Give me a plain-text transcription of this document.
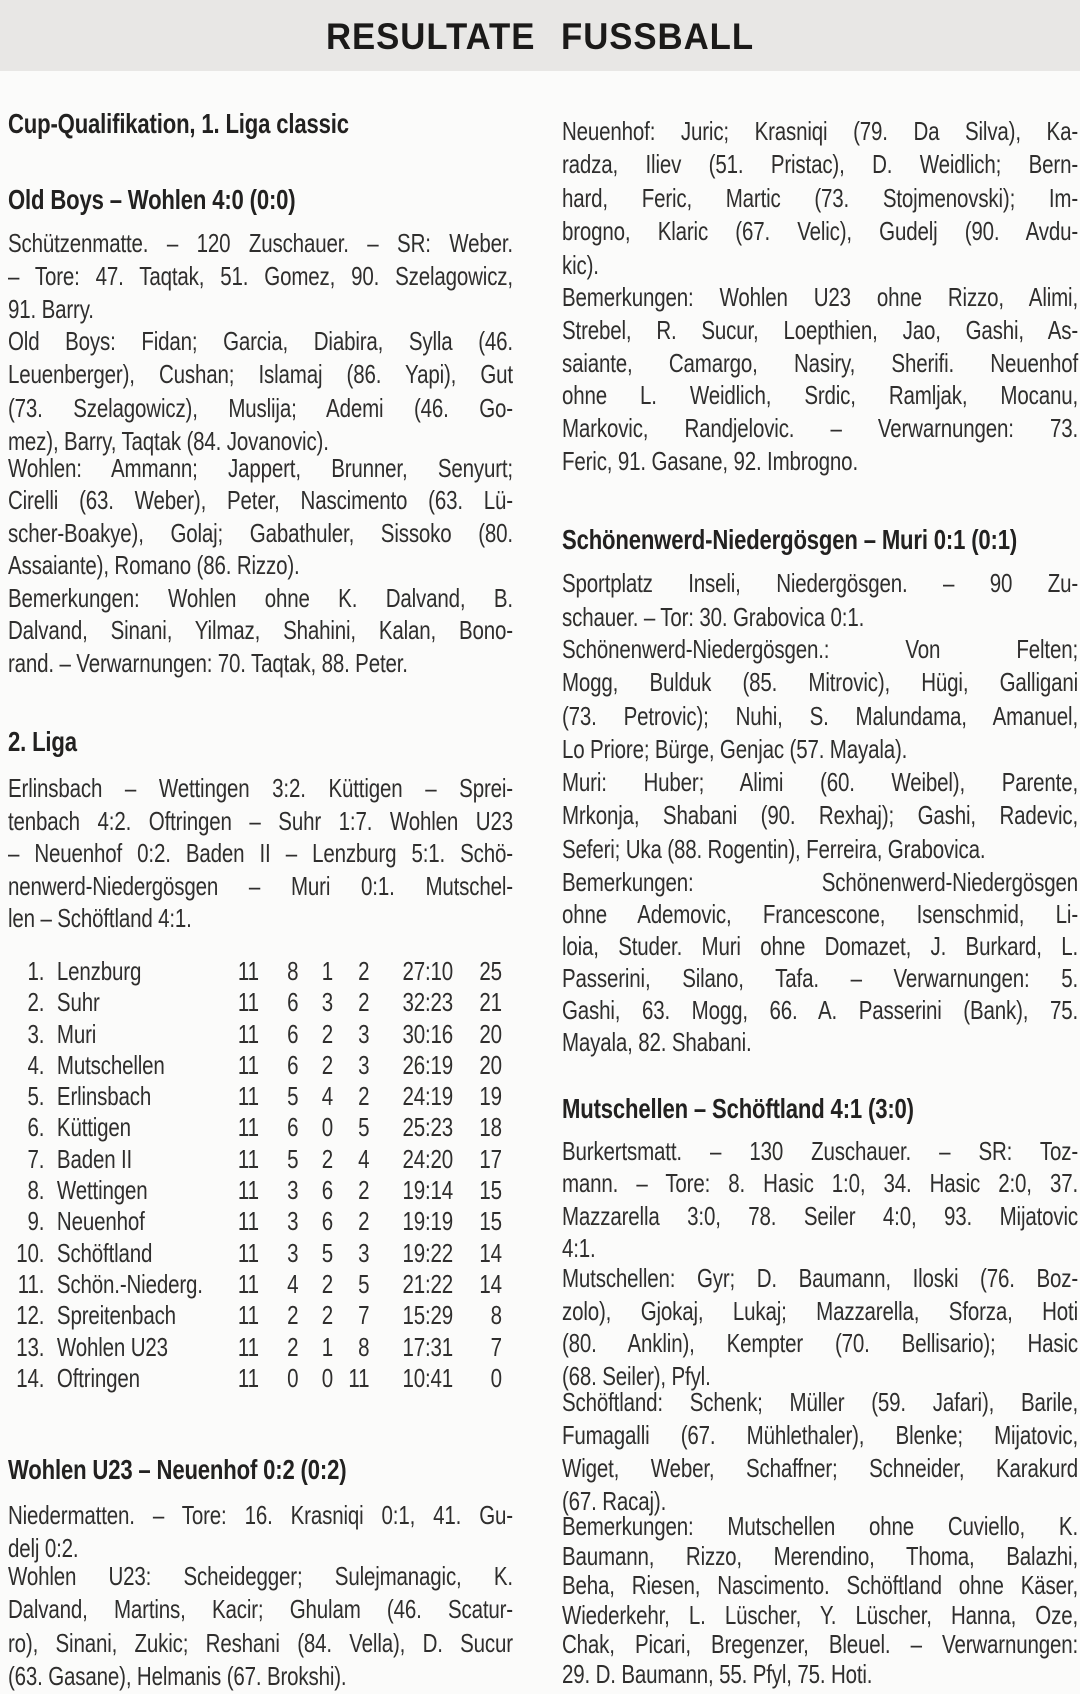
RESULTATE FUSSBALL
Cup-Qualifikation, 1. Liga classic
Old Boys – Wohlen 4:0 (0:0)
Schützenmatte. – 120 Zuschauer. – SR: Weber.
– Tore: 47. Taqtak, 51. Gomez, 90. Szelagowicz,
91. Barry.
Old Boys: Fidan; Garcia, Diabira, Sylla (46.
Leuenberger), Cushan; Islamaj (86. Yapi), Gut
(73. Szelagowicz), Muslija; Ademi (46. Go-
mez), Barry, Taqtak (84. Jovanovic).
Wohlen: Ammann; Jappert, Brunner, Senyurt;
Cirelli (63. Weber), Peter, Nascimento (63. Lü-
scher-Boakye), Golaj; Gabathuler, Sissoko (80.
Assaiante), Romano (86. Rizzo).
Bemerkungen: Wohlen ohne K. Dalvand, B.
Dalvand, Sinani, Yilmaz, Shahini, Kalan, Bono-
rand. – Verwarnungen: 70. Taqtak, 88. Peter.
2. Liga
Erlinsbach – Wettingen 3:2. Küttigen – Sprei-
tenbach 4:2. Oftringen – Suhr 1:7. Wohlen U23
– Neuenhof 0:2. Baden II – Lenzburg 5:1. Schö-
nenwerd-Niedergösgen – Muri 0:1. Mutschel-
len – Schöftland 4:1.
1. Lenzburg	11	8 1 2	27:10	25
2. Suhr	11	6 3 2	32:23	21
3. Muri	11	6 2 3	30:16	20
4. Mutschellen	11	6 2 3	26:19	20
5. Erlinsbach	11	5 4 2	24:19	19
6. Küttigen	11	6 0 5	25:23	18
7. Baden II	11	5 2 4	24:20	17
8. Wettingen	11	3 6 2	19:14	15
9. Neuenhof	11	3 6 2	19:19	15
10. Schöftland	11	3 5 3	19:22	14
11. Schön.-Niederg.	11	4 2 5	21:22	14
12. Spreitenbach	11	2 2 7	15:29	8
13. Wohlen U23	11	2 1 8	17:31	7
14. Oftringen	11	0 0 11	10:41	0
Wohlen U23 – Neuenhof 0:2 (0:2)
Niedermatten. – Tore: 16. Krasniqi 0:1, 41. Gu-
delj 0:2.
Wohlen U23: Scheidegger; Sulejmanagic, K.
Dalvand, Martins, Kacir; Ghulam (46. Scatur-
ro), Sinani, Zukic; Reshani (84. Vella), D. Sucur
(63. Gasane), Helmanis (67. Brokshi).
Neuenhof: Juric; Krasniqi (79. Da Silva), Ka-
radza, Iliev (51. Pristac), D. Weidlich; Bern-
hard, Feric, Martic (73. Stojmenovski); Im-
brogno, Klaric (67. Velic), Gudelj (90. Avdu-
kic).
Bemerkungen: Wohlen U23 ohne Rizzo, Alimi,
Strebel, R. Sucur, Loepthien, Jao, Gashi, As-
saiante, Camargo, Nasiry, Sherifi. Neuenhof
ohne L. Weidlich, Srdic, Ramljak, Mocanu,
Markovic, Randjelovic. – Verwarnungen: 73.
Feric, 91. Gasane, 92. Imbrogno.
Schönenwerd-Niedergösgen – Muri 0:1 (0:1)
Sportplatz Inseli, Niedergösgen. – 90 Zu-
schauer. – Tor: 30. Grabovica 0:1.
Schönenwerd-Niedergösgen.: Von Felten;
Mogg, Bulduk (85. Mitrovic), Hügi, Galligani
(73. Petrovic); Nuhi, S. Malundama, Amanuel,
Lo Priore; Bürge, Genjac (57. Mayala).
Muri: Huber; Alimi (60. Weibel), Parente,
Mrkonja, Shabani (90. Rexhaj); Gashi, Radevic,
Seferi; Uka (88. Rogentin), Ferreira, Grabovica.
Bemerkungen: Schönenwerd-Niedergösgen
ohne Ademovic, Francescone, Isenschmid, Li-
loia, Studer. Muri ohne Domazet, J. Burkard, L.
Passerini, Silano, Tafa. – Verwarnungen: 5.
Gashi, 63. Mogg, 66. A. Passerini (Bank), 75.
Mayala, 82. Shabani.
Mutschellen – Schöftland 4:1 (3:0)
Burkertsmatt. – 130 Zuschauer. – SR: Toz-
mann. – Tore: 8. Hasic 1:0, 34. Hasic 2:0, 37.
Mazzarella 3:0, 78. Seiler 4:0, 93. Mijatovic
4:1.
Mutschellen: Gyr; D. Baumann, Iloski (76. Boz-
zolo), Gjokaj, Lukaj; Mazzarella, Sforza, Hoti
(80. Anklin), Kempter (70. Bellisario); Hasic
(68. Seiler), Pfyl.
Schöftland: Schenk; Müller (59. Jafari), Barile,
Fumagalli (67. Mühlethaler), Blenke; Mijatovic,
Wiget, Weber, Schaffner; Schneider, Karakurd
(67. Racaj).
Bemerkungen: Mutschellen ohne Cuviello, K.
Baumann, Rizzo, Merendino, Thoma, Balazhi,
Beha, Riesen, Nascimento. Schöftland ohne Käser,
Wiederkehr, L. Lüscher, Y. Lüscher, Hanna, Oze,
Chak, Picari, Bregenzer, Bleuel. – Verwarnungen:
29. D. Baumann, 55. Pfyl, 75. Hoti.
